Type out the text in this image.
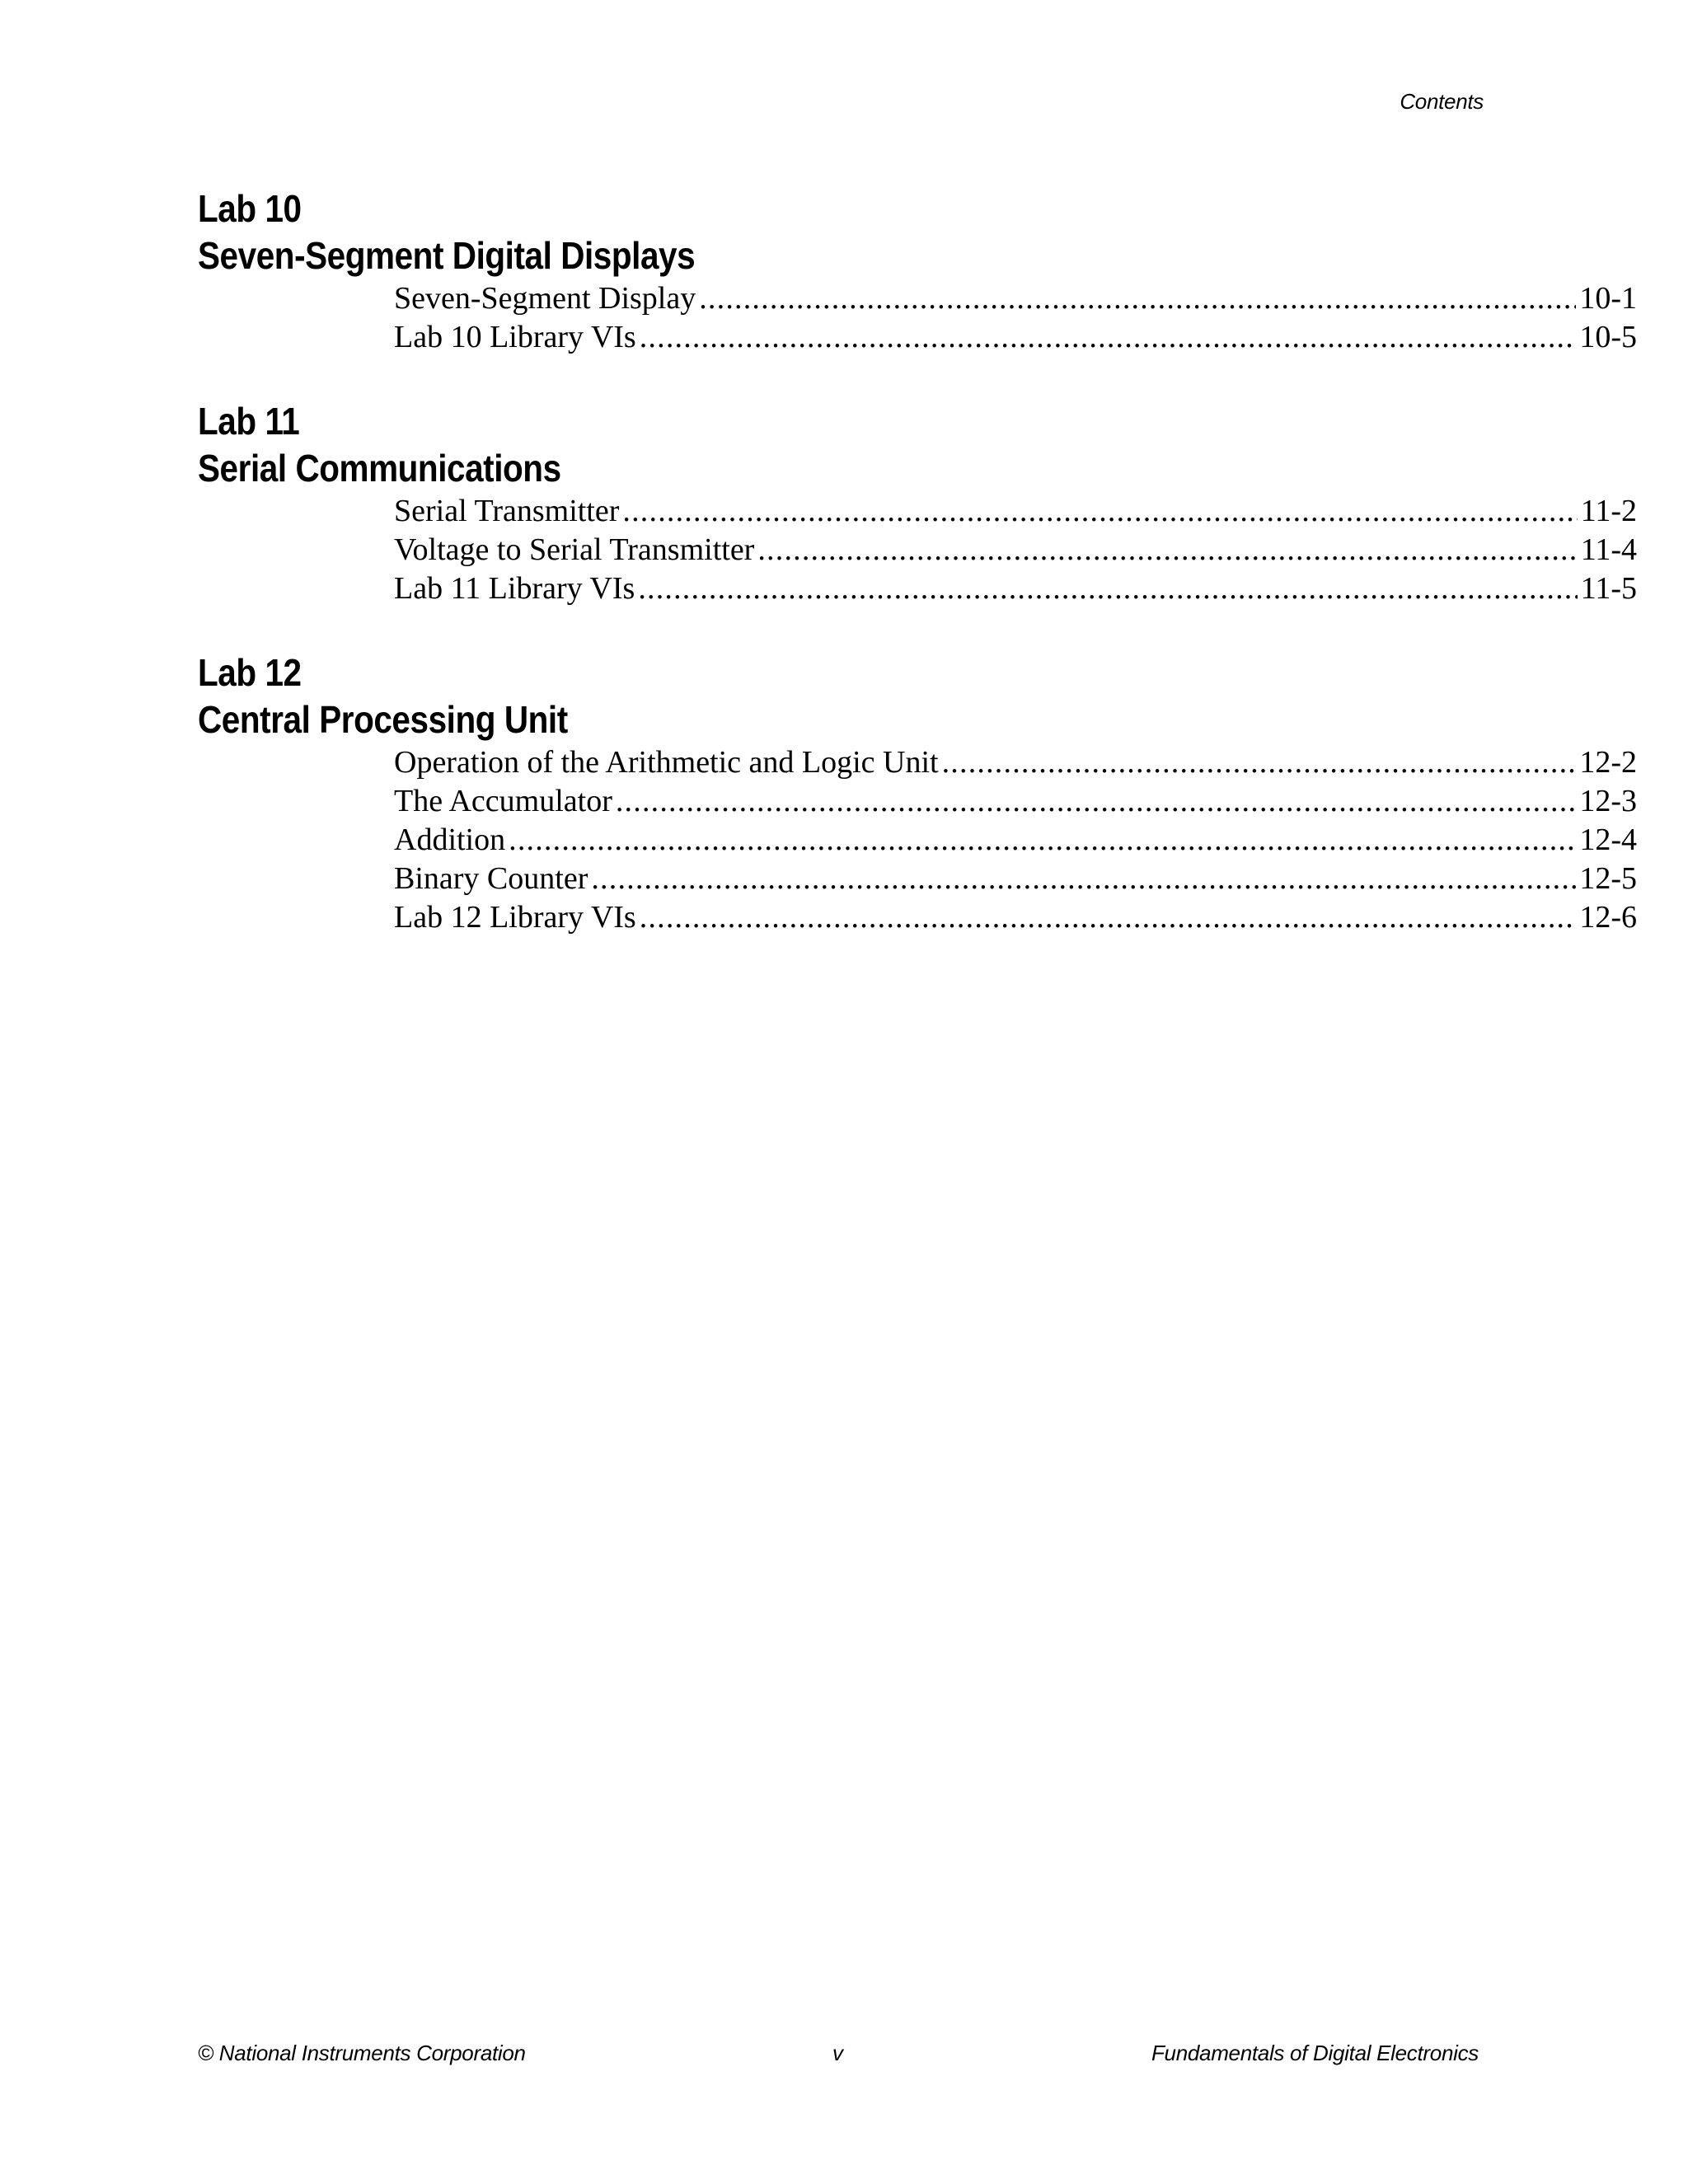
Contents
Lab 10
Seven-Segment Digital Displays
Seven-Segment Display .....	10-1
Lab 10 Library VIs .....	10-5
Lab 11
Serial Communications
Serial Transmitter .....	11-2
Voltage to Serial Transmitter .....	11-4
Lab 11 Library VIs .....	11-5
Lab 12
Central Processing Unit
Operation of the Arithmetic and Logic Unit .....	12-2
The Accumulator .....	12-3
Addition .....	12-4
Binary Counter .....	12-5
Lab 12 Library VIs .....	12-6
© National Instruments Corporation	v	Fundamentals of Digital Electronics
